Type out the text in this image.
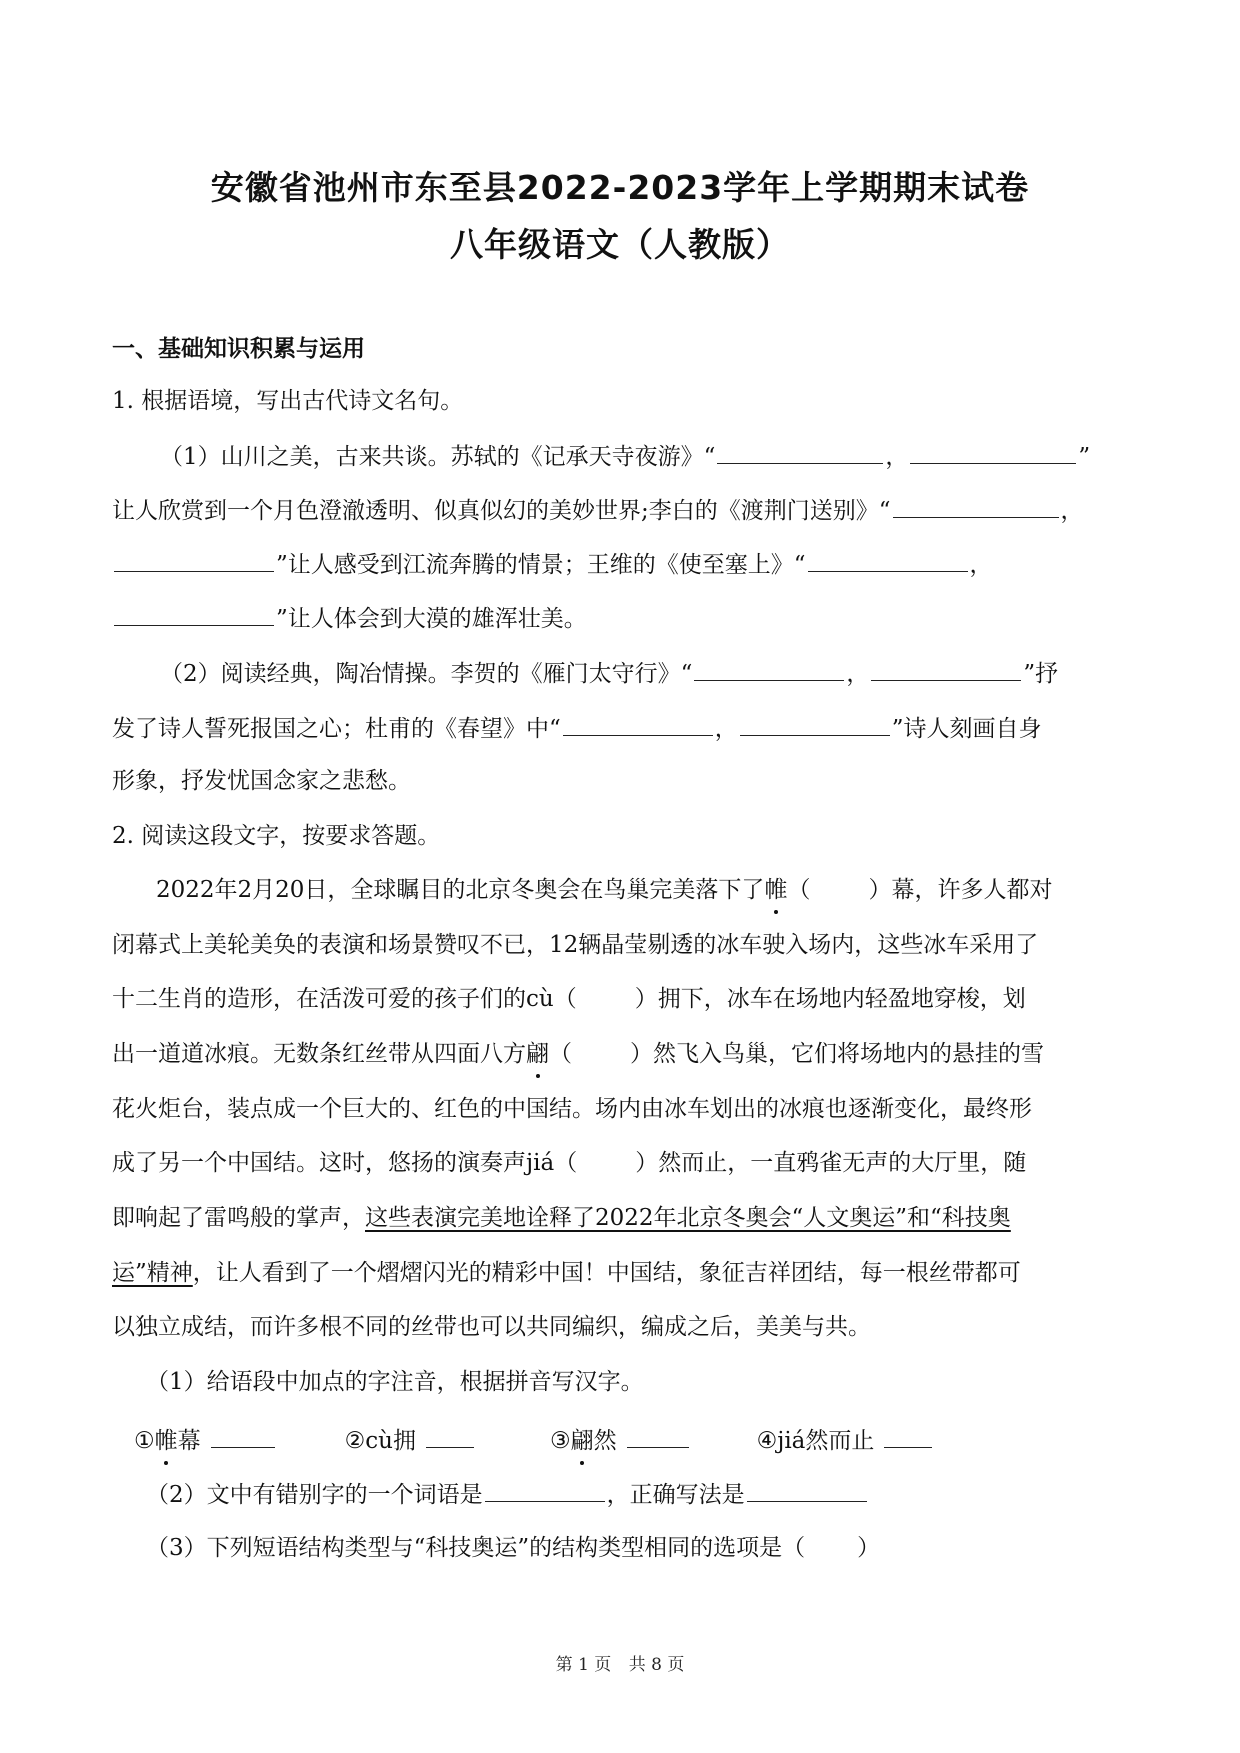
安徽省池州市东至县2022-2023学年上学期期末试卷
八年级语文（人教版）
一、基础知识积累与运用
1. 根据语境，写出古代诗文名句。
（1）山川之美，古来共谈。苏轼的《记承天寺夜游》“	，	”
让人欣赏到一个月色澄澈透明、似真似幻的美妙世界;李白的《渡荆门送别》“	，
”让人感受到江流奔腾的情景；王维的《使至塞上》“	，
”让人体会到大漠的雄浑壮美。
（2）阅读经典，陶冶情操。李贺的《雁门太守行》“	，	”抒
发了诗人誓死报国之心；杜甫的《春望》中“	，	”诗人刻画自身
形象，抒发忧国念家之悲愁。
2. 阅读这段文字，按要求答题。
2022年2月20日，全球瞩目的北京冬奥会在鸟巢完美落下了帷（	）幕，许多人都对
闭幕式上美轮美奂的表演和场景赞叹不已，12辆晶莹剔透的冰车驶入场内，这些冰车采用了
十二生肖的造形，在活泼可爱的孩子们的cù（	）拥下，冰车在场地内轻盈地穿梭，划
出一道道冰痕。无数条红丝带从四面八方翩（	）然飞入鸟巢，它们将场地内的悬挂的雪
花火炬台，装点成一个巨大的、红色的中国结。场内由冰车划出的冰痕也逐渐变化，最终形
成了另一个中国结。这时，悠扬的演奏声jiá（	）然而止，一直鸦雀无声的大厅里，随
即响起了雷鸣般的掌声，这些表演完美地诠释了2022年北京冬奥会“人文奥运”和“科技奥
运”精神，让人看到了一个熠熠闪光的精彩中国！中国结，象征吉祥团结，每一根丝带都可
以独立成结，而许多根不同的丝带也可以共同编织，编成之后，美美与共。
（1）给语段中加点的字注音，根据拼音写汉字。
①帷幕	②cù拥	③翩然	④jiá然而止
（2）文中有错别字的一个词语是	，正确写法是
（3）下列短语结构类型与“科技奥运”的结构类型相同的选项是（ ）
第 1 页 共 8 页
